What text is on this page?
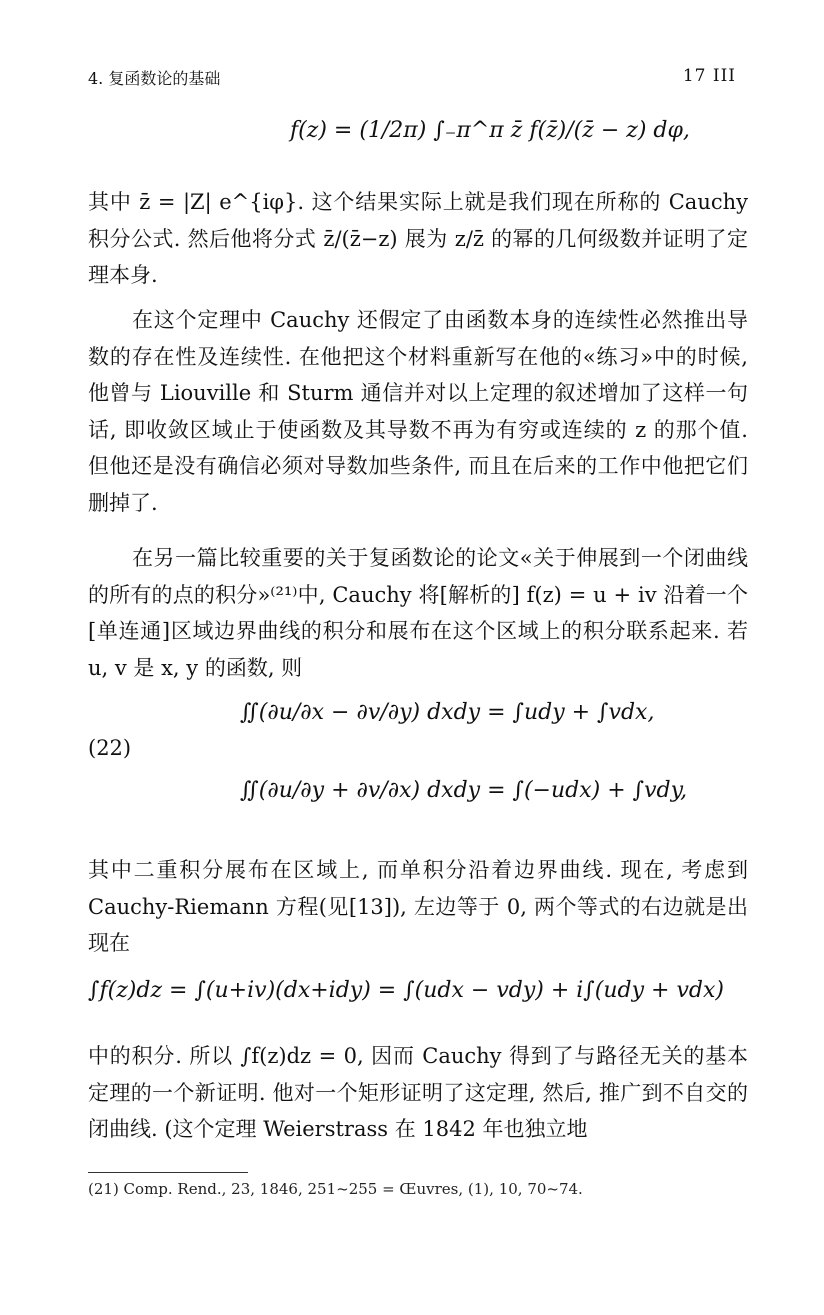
4. 复函数论的基础	17 III
f(z) = (1/2π) ∫₋π^π z̄ f(z̄)/(z̄ − z) dφ,

其中 z̄ = |Z| e^{iφ}. 这个结果实际上就是我们现在所称的 Cauchy 积分公式. 然后他将分式 z̄/(z̄−z) 展为 z/z̄ 的幂的几何级数并证明了定理本身.

在这个定理中 Cauchy 还假定了由函数本身的连续性必然推出导数的存在性及连续性. 在他把这个材料重新写在他的«练习»中的时候, 他曾与 Liouville 和 Sturm 通信并对以上定理的叙述增加了这样一句话, 即收敛区域止于使函数及其导数不再为有穷或连续的 z 的那个值. 但他还是没有确信必须对导数加些条件, 而且在后来的工作中他把它们删掉了.

在另一篇比较重要的关于复函数论的论文«关于伸展到一个闭曲线的所有的点的积分»⁽²¹⁾中, Cauchy 将[解析的] f(z) = u + iv 沿着一个[单连通]区域边界曲线的积分和展布在这个区域上的积分联系起来. 若 u, v 是 x, y 的函数, 则

(22)
∬(∂u/∂x − ∂v/∂y) dxdy = ∫udy + ∫vdx,
∬(∂u/∂y + ∂v/∂x) dxdy = ∫(−udx) + ∫vdy,

其中二重积分展布在区域上, 而单积分沿着边界曲线. 现在, 考虑到 Cauchy-Riemann 方程(见[13]), 左边等于 0, 两个等式的右边就是出现在

∫f(z)dz = ∫(u+iv)(dx+idy) = ∫(udx − vdy) + i∫(udy + vdx)

中的积分. 所以 ∫f(z)dz = 0, 因而 Cauchy 得到了与路径无关的基本定理的一个新证明. 他对一个矩形证明了这定理, 然后, 推广到不自交的闭曲线. (这个定理 Weierstrass 在 1842 年也独立地

(21) Comp. Rend., 23, 1846, 251~255 = Œuvres, (1), 10, 70~74.
